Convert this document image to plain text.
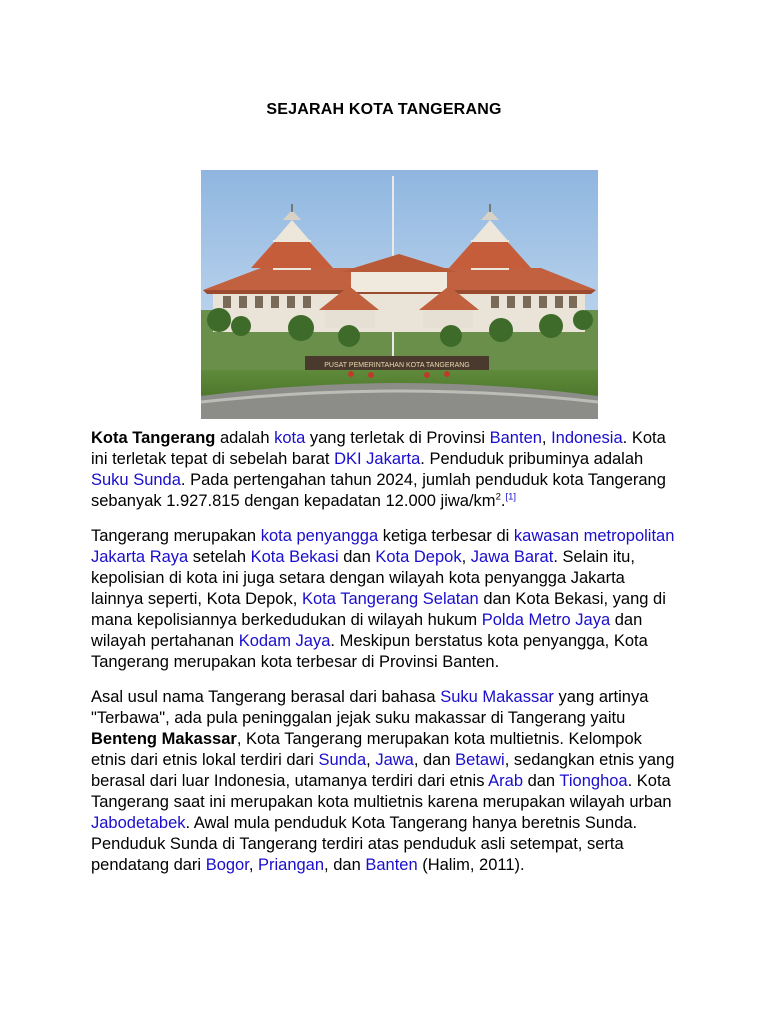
SEJARAH KOTA TANGERANG
PUSAT PEMERINTAHAN KOTA TANGERANG

Kota Tangerang adalah kota yang terletak di Provinsi Banten, Indonesia. Kota ini terletak tepat di sebelah barat DKI Jakarta. Penduduk pribuminya adalah Suku Sunda. Pada pertengahan tahun 2024, jumlah penduduk kota Tangerang sebanyak 1.927.815 dengan kepadatan 12.000 jiwa/$km^2.[1]$

Tangerang merupakan kota penyangga ketiga terbesar di kawasan metropolitan Jakarta Raya setelah Kota Bekasi dan Kota Depok, Jawa Barat. Selain itu, kepolisian di kota ini juga setara dengan wilayah kota penyangga Jakarta lainnya seperti, Kota Depok, Kota Tangerang Selatan dan Kota Bekasi, yang di mana kepolisiannya berkedudukan di wilayah hukum Polda Metro Jaya dan wilayah pertahanan Kodam Jaya. Meskipun berstatus kota penyangga, Kota Tangerang merupakan kota terbesar di Provinsi Banten.

Asal usul nama Tangerang berasal dari bahasa Suku Makassar yang artinya "Terbawa", ada pula peninggalan jejak suku makassar di Tangerang yaitu Benteng Makassar, Kota Tangerang merupakan kota multietnis. Kelompok etnis dari etnis lokal terdiri dari Sunda, Jawa, dan Betawi, sedangkan etnis yang berasal dari luar Indonesia, utamanya terdiri dari etnis Arab dan Tionghoa. Kota Tangerang saat ini merupakan kota multietnis karena merupakan wilayah urban Jabodetabek. Awal mula penduduk Kota Tangerang hanya beretnis Sunda. Penduduk Sunda di Tangerang terdiri atas penduduk asli setempat, serta pendatang dari Bogor, Priangan, dan Banten (Halim, 2011).
